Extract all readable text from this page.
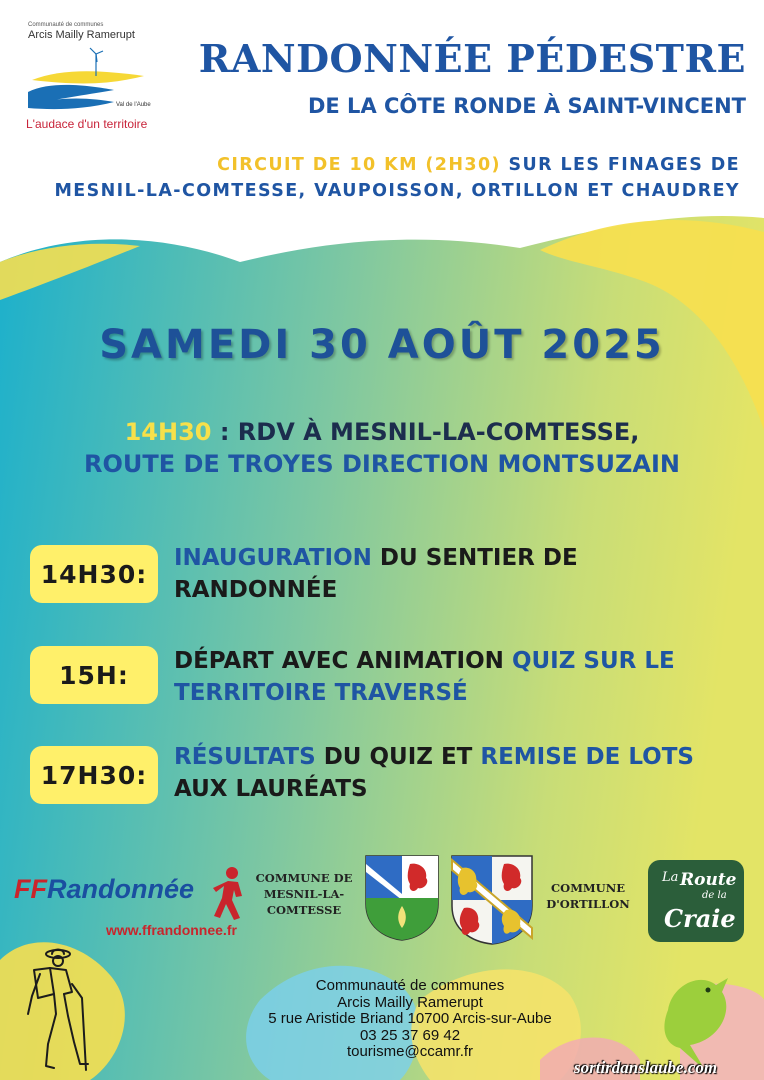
Communauté de communes
Arcis Mailly Ramerupt
Val de l'Aube
L'audace d'un territoire
RANDONNÉE PÉDESTRE
DE LA CÔTE RONDE À SAINT-VINCENT
CIRCUIT DE 10 KM (2H30) SUR LES FINAGES DE
MESNIL-LA-COMTESSE, VAUPOISSON, ORTILLON ET CHAUDREY
SAMEDI 30 AOÛT 2025
14H30 : RDV À MESNIL-LA-COMTESSE,
ROUTE DE TROYES DIRECTION MONTSUZAIN
14H30:
INAUGURATION DU SENTIER DE
RANDONNÉE
15H:	DÉPART AVEC ANIMATION QUIZ SUR LE
TERRITOIRE TRAVERSÉ
17H30:
RÉSULTATS DU QUIZ ET REMISE DE LOTS
AUX LAURÉATS
FFRandonnée
www.ffrandonnee.fr
COMMUNE DE
MESNIL-LA-
COMTESSE
COMMUNE
D'ORTILLON
La Route
de la
Craie
Communauté de communes
Arcis Mailly Ramerupt
5 rue Aristide Briand 10700 Arcis-sur-Aube
03 25 37 69 42
tourisme@ccamr.fr
sortirdanslaube.com
